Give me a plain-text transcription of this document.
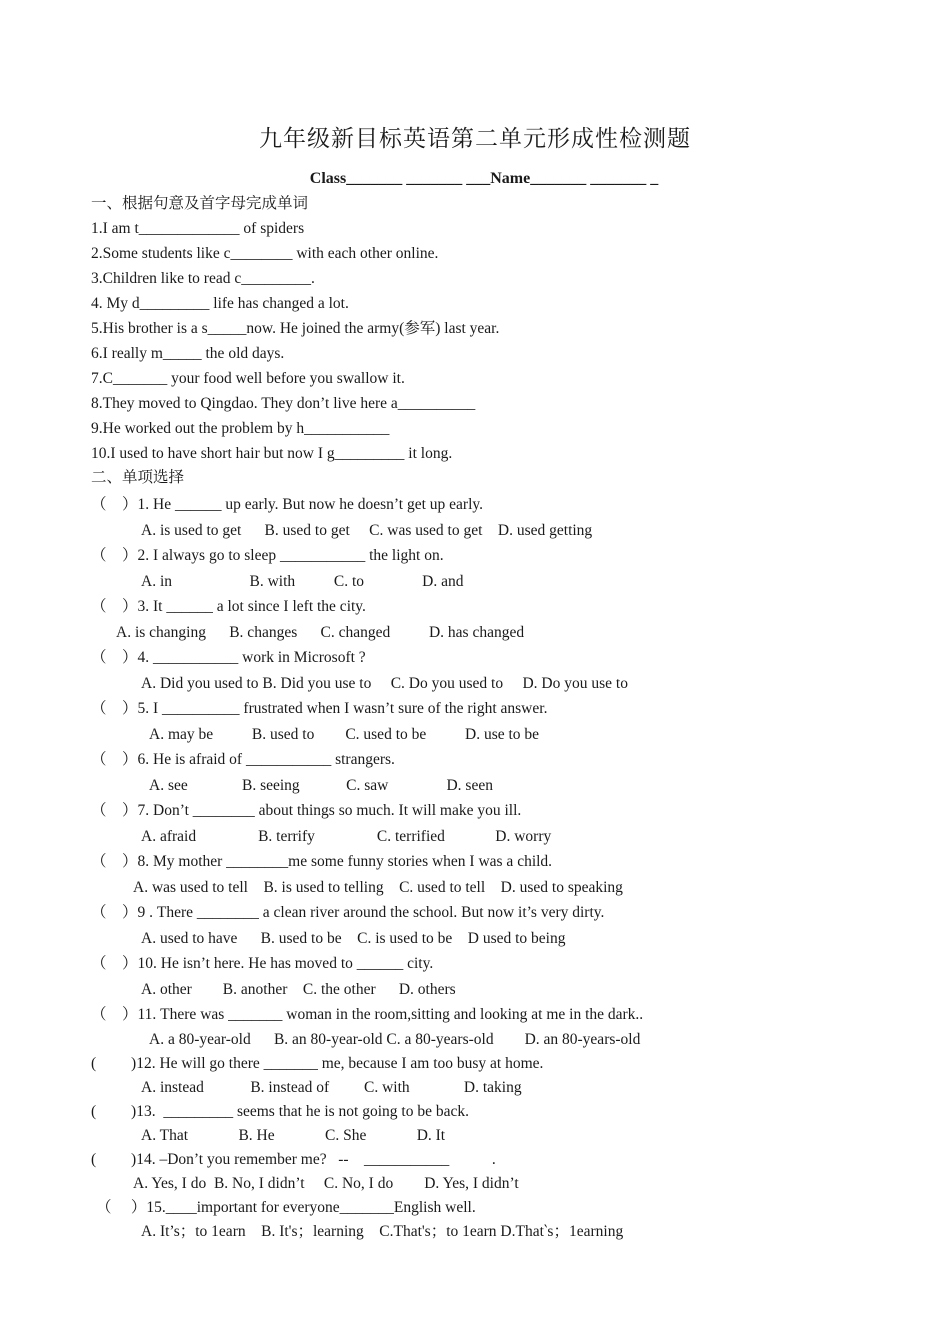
九年级新目标英语第二单元形成性检测题
Class_______ _______ ___Name_______ _______ _
一、根据句意及首字母完成单词
1.I am t_____________ of spiders
2.Some students like c________ with each other online.
3.Children like to read c_________.
4. My d_________ life has changed a lot.
5.His brother is a s_____now. He joined the army(参军) last year.
6.I really m_____ the old days.
7.C_______ your food well before you swallow it.
8.They moved to Qingdao. They don’t live here a__________
9.He worked out the problem by h___________
10.I used to have short hair but now I g_________ it long.
二、单项选择
（    ）1. He ______ up early. But now he doesn’t get up early.
A. is used to get      B. used to get     C. was used to get    D. used getting
（    ）2. I always go to sleep ___________ the light on.
A. in                    B. with          C. to               D. and
（    ）3. It ______ a lot since I left the city.
A. is changing      B. changes      C. changed          D. has changed
（    ）4. ___________ work in Microsoft ?
A. Did you used to B. Did you use to     C. Do you used to     D. Do you use to
（    ）5. I __________ frustrated when I wasn’t sure of the right answer.
A. may be          B. used to        C. used to be          D. use to be
（    ）6. He is afraid of ___________ strangers.
A. see              B. seeing            C. saw               D. seen
（    ）7. Don’t ________ about things so much. It will make you ill.
A. afraid                B. terrify                C. terrified             D. worry
（    ）8. My mother ________me some funny stories when I was a child.
A. was used to tell    B. is used to telling    C. used to tell    D. used to speaking
（    ）9 . There ________ a clean river around the school. But now it’s very dirty.
A. used to have      B. used to be    C. is used to be    D used to being
（    ）10. He isn’t here. He has moved to ______ city.
A. other        B. another    C. the other      D. others
（    ）11. There was _______ woman in the room,sitting and looking at me in the dark..
A. a 80-year-old      B. an 80-year-old C. a 80-years-old        D. an 80-years-old
(         )12. He will go there _______ me, because I am too busy at home.
A. instead            B. instead of         C. with              D. taking
(         )13.  _________ seems that he is not going to be back.
A. That             B. He             C. She             D. It
(         )14. –Don’t you remember me?   --    ___________           .
A. Yes, I do  B. No, I didn’t     C. No, I do        D. Yes, I didn’t
（     ）15.____important for everyone_______English well.
A. It’s；to 1earn    B. It's；learning    C.That's；to 1earn D.That‵s；1earning
